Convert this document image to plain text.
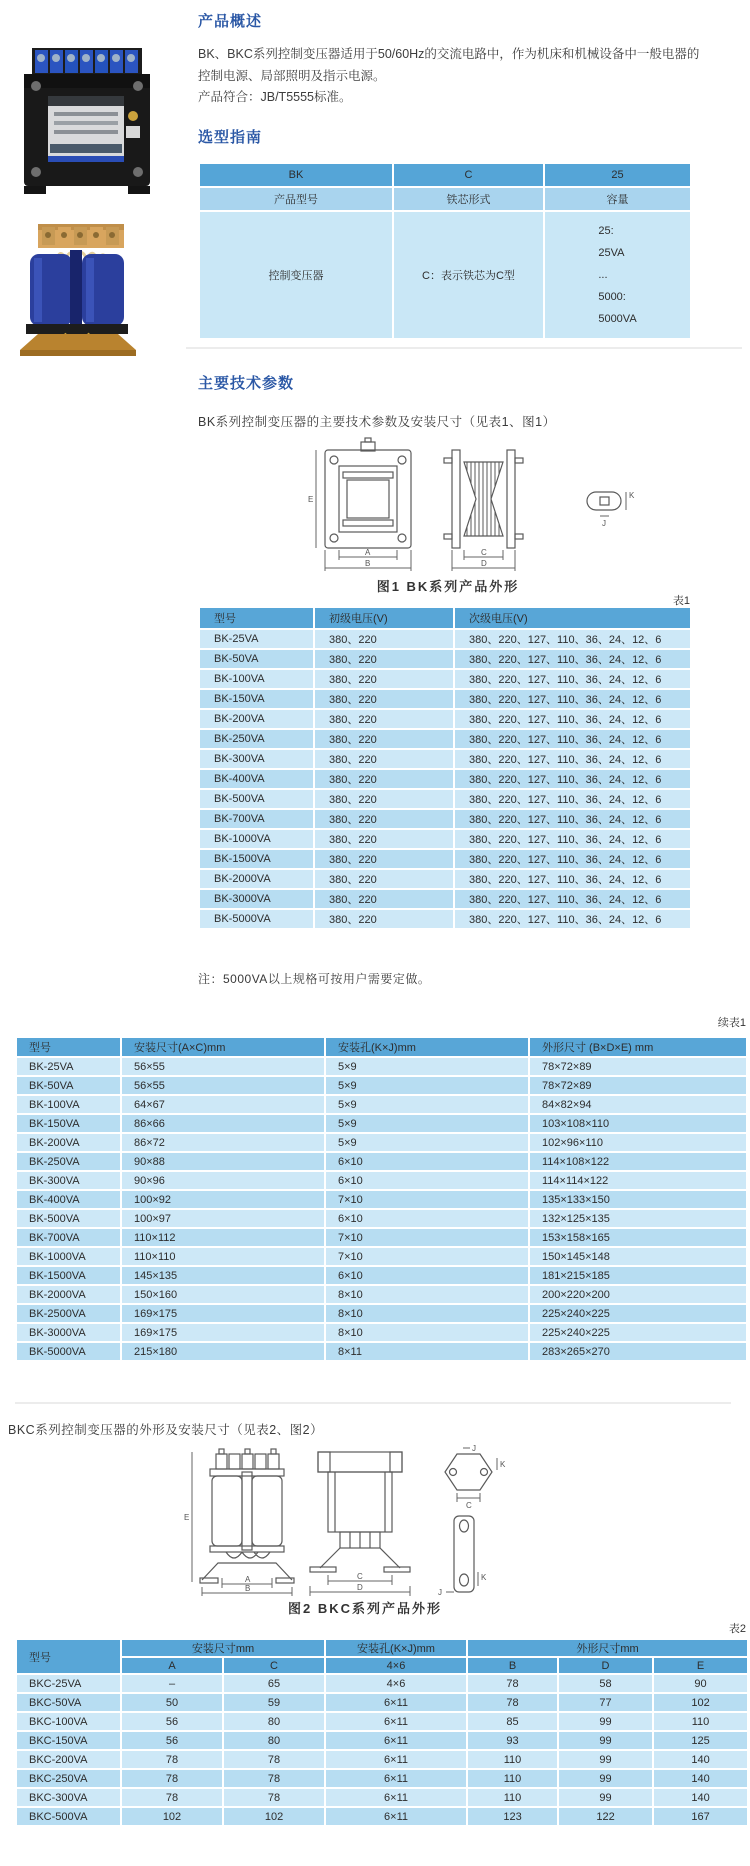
产品概述
BK、BKC系列控制变压器适用于50/60Hz的交流电路中，作为机床和机械设备中一般电器的控制电源、局部照明及指示电源。
产品符合：JB/T5555标准。
选型指南
BK	C	25
产品型号	铁芯形式	容量
控制变压器	C：表示铁芯为C型	25:
25VA
...
5000:
5000VA
主要技术参数
BK系列控制变压器的主要技术参数及安装尺寸（见表1、图1）
E
A
B
C
D
K
J
图1 BK系列产品外形
表1
型号	初级电压(V)	次级电压(V)
BK-25VA	380、220	380、220、127、110、36、24、12、6
BK-50VA	380、220	380、220、127、110、36、24、12、6
BK-100VA	380、220	380、220、127、110、36、24、12、6
BK-150VA	380、220	380、220、127、110、36、24、12、6
BK-200VA	380、220	380、220、127、110、36、24、12、6
BK-250VA	380、220	380、220、127、110、36、24、12、6
BK-300VA	380、220	380、220、127、110、36、24、12、6
BK-400VA	380、220	380、220、127、110、36、24、12、6
BK-500VA	380、220	380、220、127、110、36、24、12、6
BK-700VA	380、220	380、220、127、110、36、24、12、6
BK-1000VA	380、220	380、220、127、110、36、24、12、6
BK-1500VA	380、220	380、220、127、110、36、24、12、6
BK-2000VA	380、220	380、220、127、110、36、24、12、6
BK-3000VA	380、220	380、220、127、110、36、24、12、6
BK-5000VA	380、220	380、220、127、110、36、24、12、6
注：5000VA以上规格可按用户需要定做。
续表1
型号	安装尺寸(A×C)mm	安装孔(K×J)mm	外形尺寸 (B×D×E) mm
BK-25VA	56×55	5×9	78×72×89
BK-50VA	56×55	5×9	78×72×89
BK-100VA	64×67	5×9	84×82×94
BK-150VA	86×66	5×9	103×108×110
BK-200VA	86×72	5×9	102×96×110
BK-250VA	90×88	6×10	114×108×122
BK-300VA	90×96	6×10	114×114×122
BK-400VA	100×92	7×10	135×133×150
BK-500VA	100×97	6×10	132×125×135
BK-700VA	110×112	7×10	153×158×165
BK-1000VA	110×110	7×10	150×145×148
BK-1500VA	145×135	6×10	181×215×185
BK-2000VA	150×160	8×10	200×220×200
BK-2500VA	169×175	8×10	225×240×225
BK-3000VA	169×175	8×10	225×240×225
BK-5000VA	215×180	8×11	283×265×270
BKC系列控制变压器的外形及安装尺寸（见表2、图2）
E
A
B
C
D
J
K
C
K
J
图2 BKC系列产品外形
表2
型号	安装尺寸mm		安装孔(K×J)mm	外形尺寸mm		
	A	C	4×6	B	D	E
BKC-25VA	–	65	4×6	78	58	90
BKC-50VA	50	59	6×11	78	77	102
BKC-100VA	56	80	6×11	85	99	110
BKC-150VA	56	80	6×11	93	99	125
BKC-200VA	78	78	6×11	110	99	140
BKC-250VA	78	78	6×11	110	99	140
BKC-300VA	78	78	6×11	110	99	140
BKC-500VA	102	102	6×11	123	122	167
